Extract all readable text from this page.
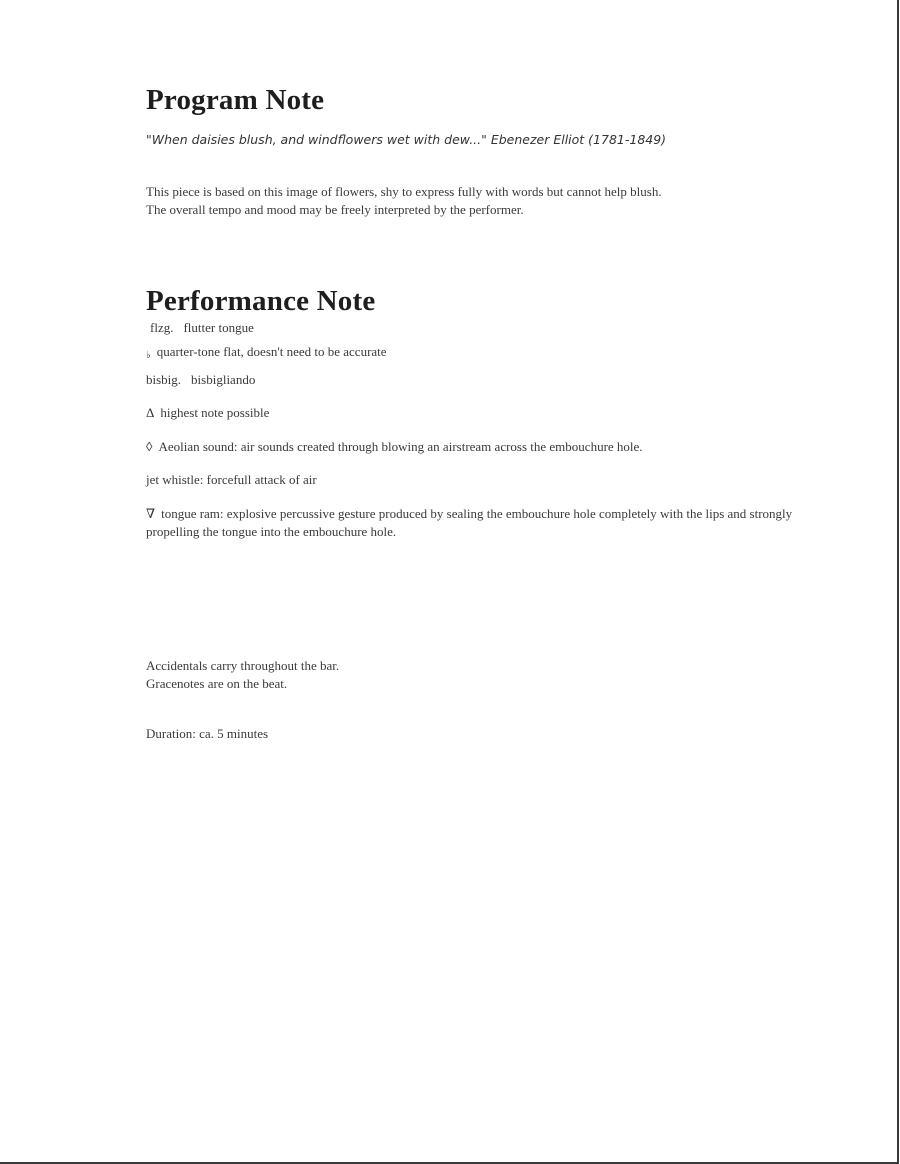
Program Note
"When daisies blush, and windflowers wet with dew..." Ebenezer Elliot (1781-1849)
This piece is based on this image of flowers, shy to express fully with words but cannot help blush.
The overall tempo and mood may be freely interpreted by the performer.
Performance Note
flzg. flutter tongue
♭ quarter-tone flat, doesn't need to be accurate
bisbig. bisbigliando
Δ highest note possible
◊ Aeolian sound: air sounds created through blowing an airstream across the embouchure hole.
jet whistle: forcefull attack of air
∇ tongue ram: explosive percussive gesture produced by sealing the embouchure hole completely with the lips and strongly propelling the tongue into the embouchure hole.
Accidentals carry throughout the bar.
Gracenotes are on the beat.
Duration: ca. 5 minutes
